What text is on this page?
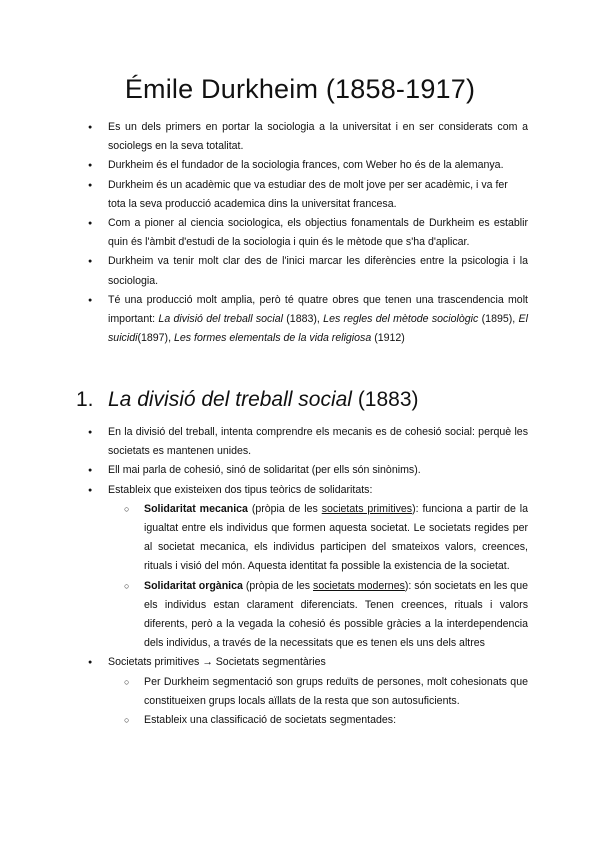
Émile Durkheim (1858-1917)
● Es un dels primers en portar la sociologia a la universitat i en ser considerats com a sociolegs en la seva totalitat.
● Durkheim és el fundador de la sociologia frances, com Weber ho és de la alemanya.
● Durkheim és un acadèmic que va estudiar des de molt jove per ser acadèmic, i va fer tota la seva producció academica dins la universitat francesa.
● Com a pioner al ciencia sociologica, els objectius fonamentals de Durkheim es establir quin és l'àmbit d'estudi de la sociologia i quin és le mètode que s'ha d'aplicar.
● Durkheim va tenir molt clar des de l'inici marcar les diferències entre la psicologia i la sociologia.
● Té una producció molt amplia, però té quatre obres que tenen una trascendencia molt important: La divisió del treball social (1883), Les regles del mètode sociològic (1895), El suicidi(1897), Les formes elementals de la vida religiosa (1912)
1. La divisió del treball social (1883)
● En la divisió del treball, intenta comprendre els mecanis es de cohesió social: perquè les societats es mantenen unides.
● Ell mai parla de cohesió, sinó de solidaritat (per ells són sinònims).
● Estableix que existeixen dos tipus teòrics de solidaritats:
○ Solidaritat mecanica (pròpia de les societats primitives): funciona a partir de la igualtat entre els individus que formen aquesta societat. Le societats regides per al societat mecanica, els individus participen del smateixos valors, creences, rituals i visió del món. Aquesta identitat fa possible la existencia de la societat.
○ Solidaritat orgànica (pròpia de les societats modernes): són societats en les que els individus estan clarament diferenciats. Tenen creences, rituals i valors diferents, però a la vegada la cohesió és possible gràcies a la interdependencia dels individus, a través de la necessitats que es tenen els uns dels altres
● Societats primitives → Societats segmentàries
○ Per Durkheim segmentació son grups reduïts de persones, molt cohesionats que constitueixen grups locals aïllats de la resta que son autosuficients.
○ Estableix una classificació de societats segmentades:
